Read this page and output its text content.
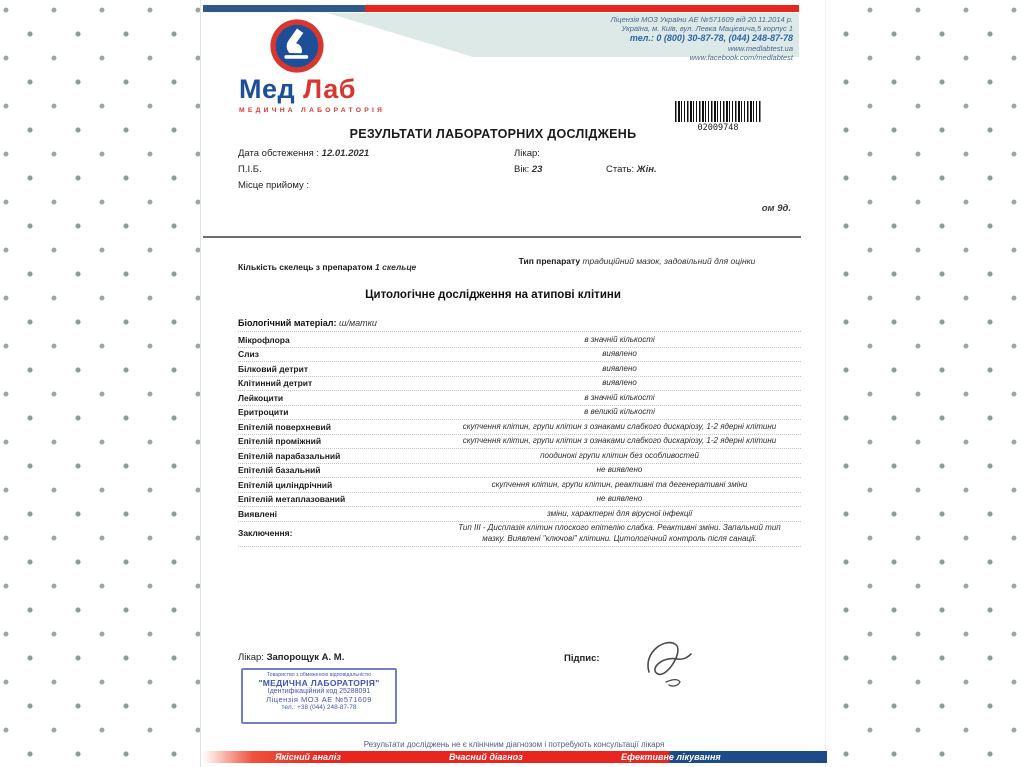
Ліцензія МОЗ України АЕ №571609 від 20.11.2014 р.
Україна, м. Київ, вул. Левка Мацієвича,5 корпус 1
тел.: 0 (800) 30-87-78, (044) 248-87-78
www.medlabtest.ua
www.facebook.com/medlabtest
Мед Лаб
МЕДИЧНА ЛАБОРАТОРІЯ
02009748
РЕЗУЛЬТАТИ ЛАБОРАТОРНИХ ДОСЛІДЖЕНЬ
Дата обстеження : 12.01.2021	Лікар:
П.І.Б.	Вік: 23	Стать: Жін.
Місце прийому :
ом 9д.
Кількість скелець з препаратом 1 скельце
Тип препарату традиційний мазок, задовільний для оцінки
Цитологічне дослідження на атипові клітини
Біологічний матеріал: ш/матки
Мікрофлора	в значній кількості
Слиз	виявлено
Білковий детрит	виявлено
Клітинний детрит	виявлено
Лейкоцити	в значній кількості
Еритроцити	в великій кількості
Епітелій поверхневий	скупчення клітин, групи клітин з ознаками слабкого дискаріозу, 1-2 ядерні клітини
Епітелій проміжний	скупчення клітин, групи клітин з ознаками слабкого дискаріозу, 1-2 ядерні клітини
Епітелій парабазальний	поодинокі групи клітин без особливостей
Епітелій базальний	не виявлено
Епітелій циліндрічний	скупчення клітин, групи клітин, реактивні та дегенеративні зміни
Епітелій метаплазований	не виявлено
Виявлені	зміни, характерні для вірусної інфекції
Заключення:
Тип III - Дисплазія клітин плоского епітелію слабка. Реактивні зміни. Запальний тип мазку. Виявлені "ключові" клітини. Цитологічний контроль після санації.
Лікар: Запорощук А. М.
Товариство з обмеженою відповідальністю
"МЕДИЧНА ЛАБОРАТОРІЯ"
Ідентифікаційний код 25288091
Ліцензія МОЗ АЕ №571609
тел.: +38 (044) 248-87-78
Підпис:
Результати досліджень не є клінічним діагнозом і потребують консультації лікаря
Якісний аналіз	Вчасний діагноз	Ефективне лікування
